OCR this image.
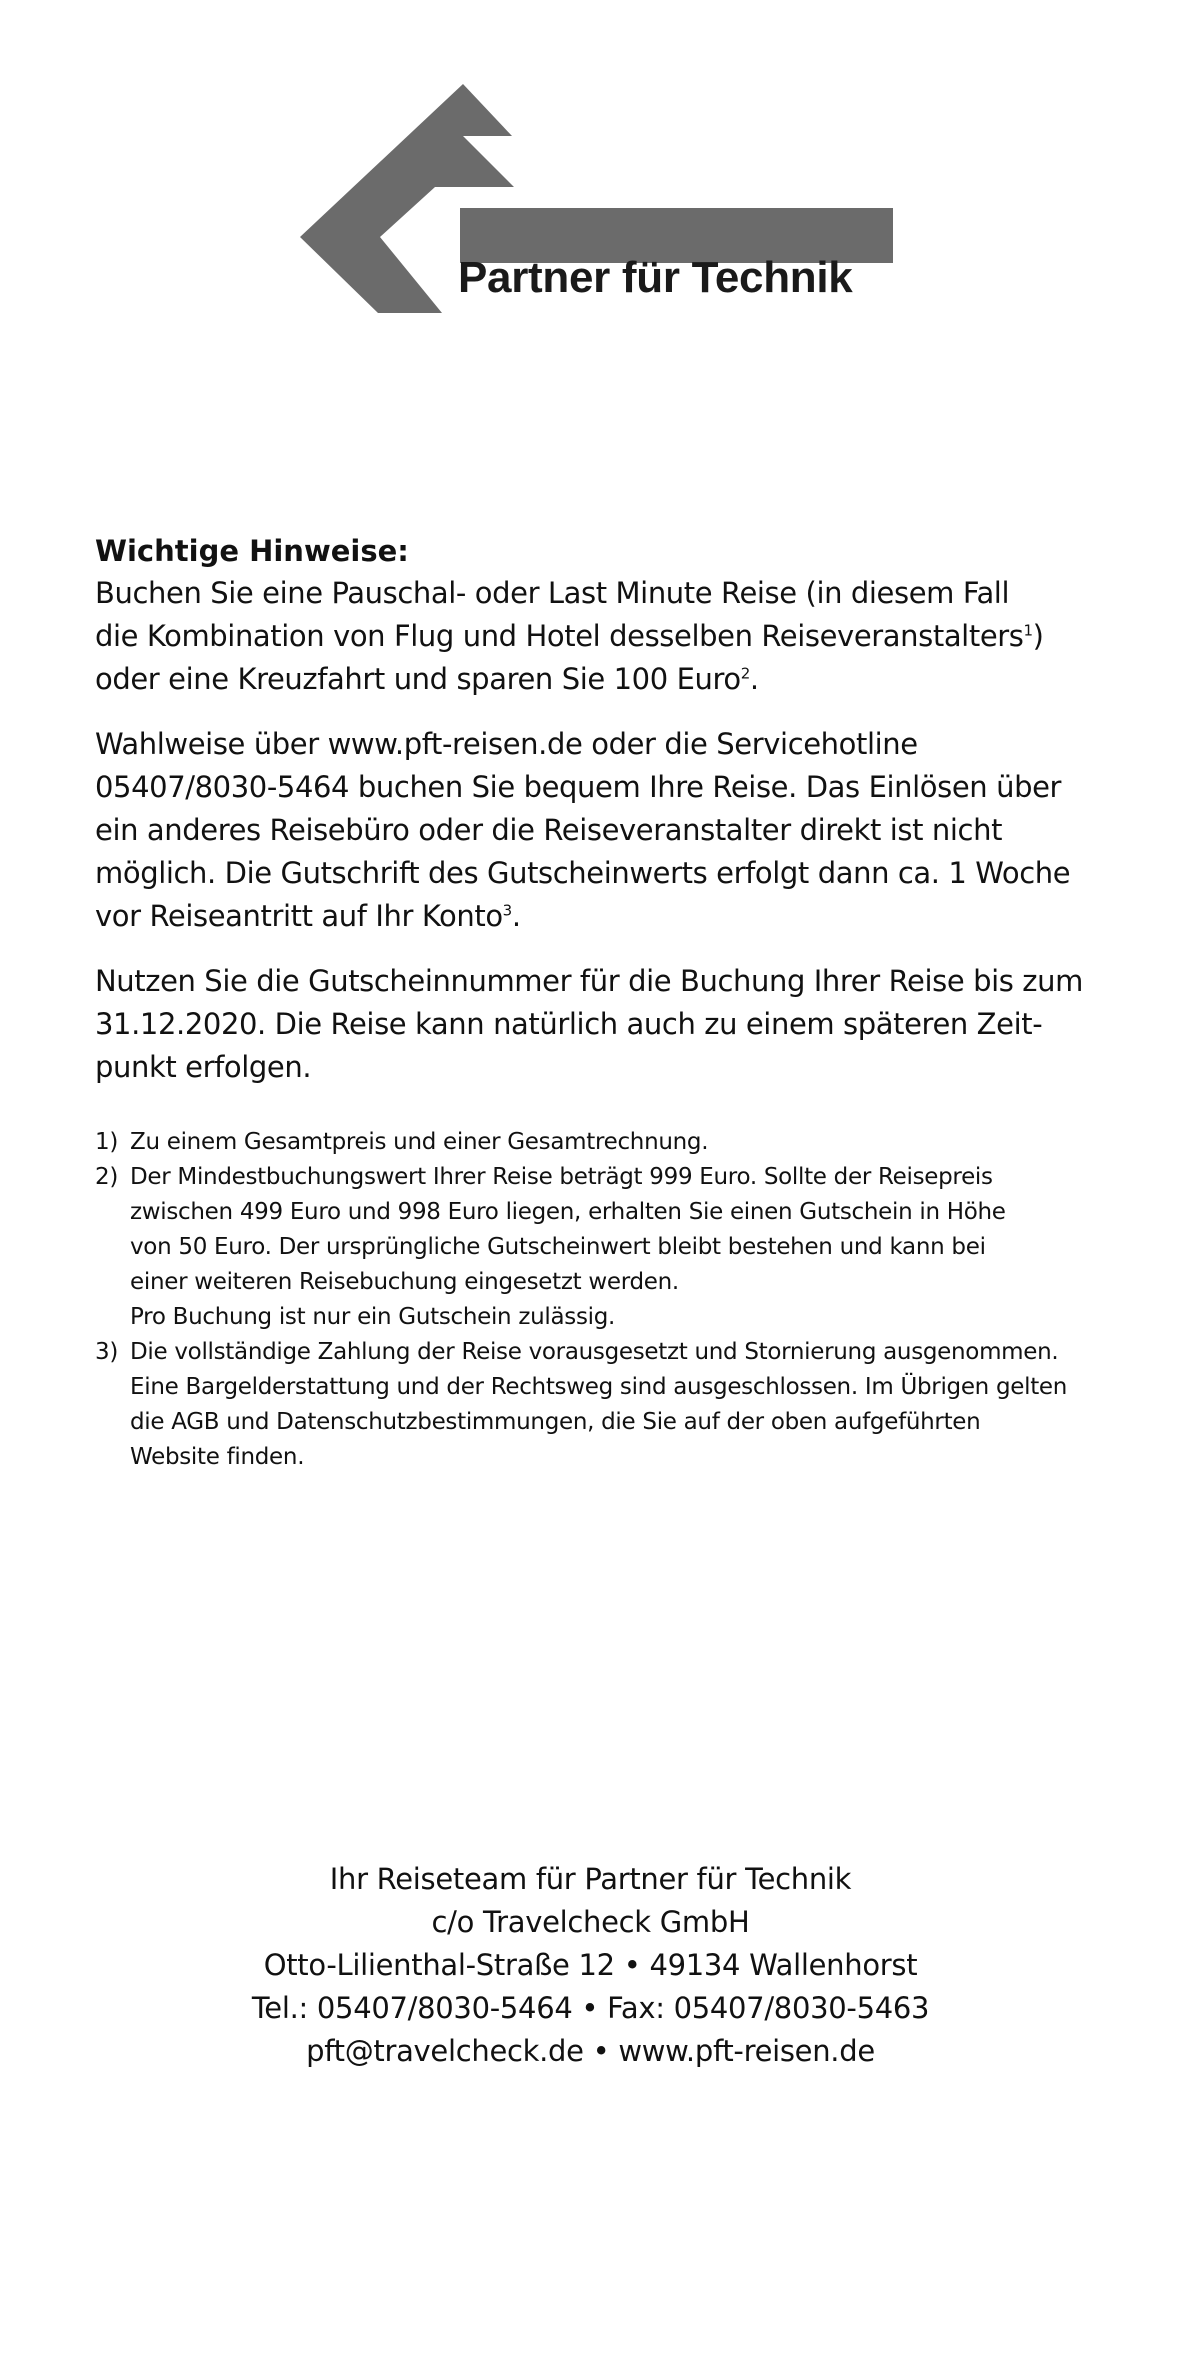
Partner für Technik

Wichtige Hinweise:

Buchen Sie eine Pauschal- oder Last Minute Reise (in diesem Fall
die Kombination von Flug und Hotel desselben Reiseveranstalters$^1$)
oder eine Kreuzfahrt und sparen Sie 100 Euro$^2$.
Wahlweise über www.pft-reisen.de oder die Servicehotline
05407/8030-5464 buchen Sie bequem Ihre Reise. Das Einlösen über
ein anderes Reisebüro oder die Reiseveranstalter direkt ist nicht
möglich. Die Gutschrift des Gutscheinwerts erfolgt dann ca. 1 Woche
vor Reiseantritt auf Ihr Konto$^3$.
Nutzen Sie die Gutscheinnummer für die Buchung Ihrer Reise bis zum
31.12.2020. Die Reise kann natürlich auch zu einem späteren Zeit-
punkt erfolgen.
1) Zu einem Gesamtpreis und einer Gesamtrechnung.
2) Der Mindestbuchungswert Ihrer Reise beträgt 999 Euro. Sollte der Reisepreis
zwischen 499 Euro und 998 Euro liegen, erhalten Sie einen Gutschein in Höhe
von 50 Euro. Der ursprüngliche Gutscheinwert bleibt bestehen und kann bei
einer weiteren Reisebuchung eingesetzt werden.
Pro Buchung ist nur ein Gutschein zulässig.
3) Die vollständige Zahlung der Reise vorausgesetzt und Stornierung ausgenommen.
Eine Bargelderstattung und der Rechtsweg sind ausgeschlossen. Im Übrigen gelten
die AGB und Datenschutzbestimmungen, die Sie auf der oben aufgeführten
Website finden.
Ihr Reiseteam für Partner für Technik
c/o Travelcheck GmbH
Otto-Lilienthal-Straße 12 • 49134 Wallenhorst
Tel.: 05407/8030-5464 • Fax: 05407/8030-5463
pft@travelcheck.de • www.pft-reisen.de
